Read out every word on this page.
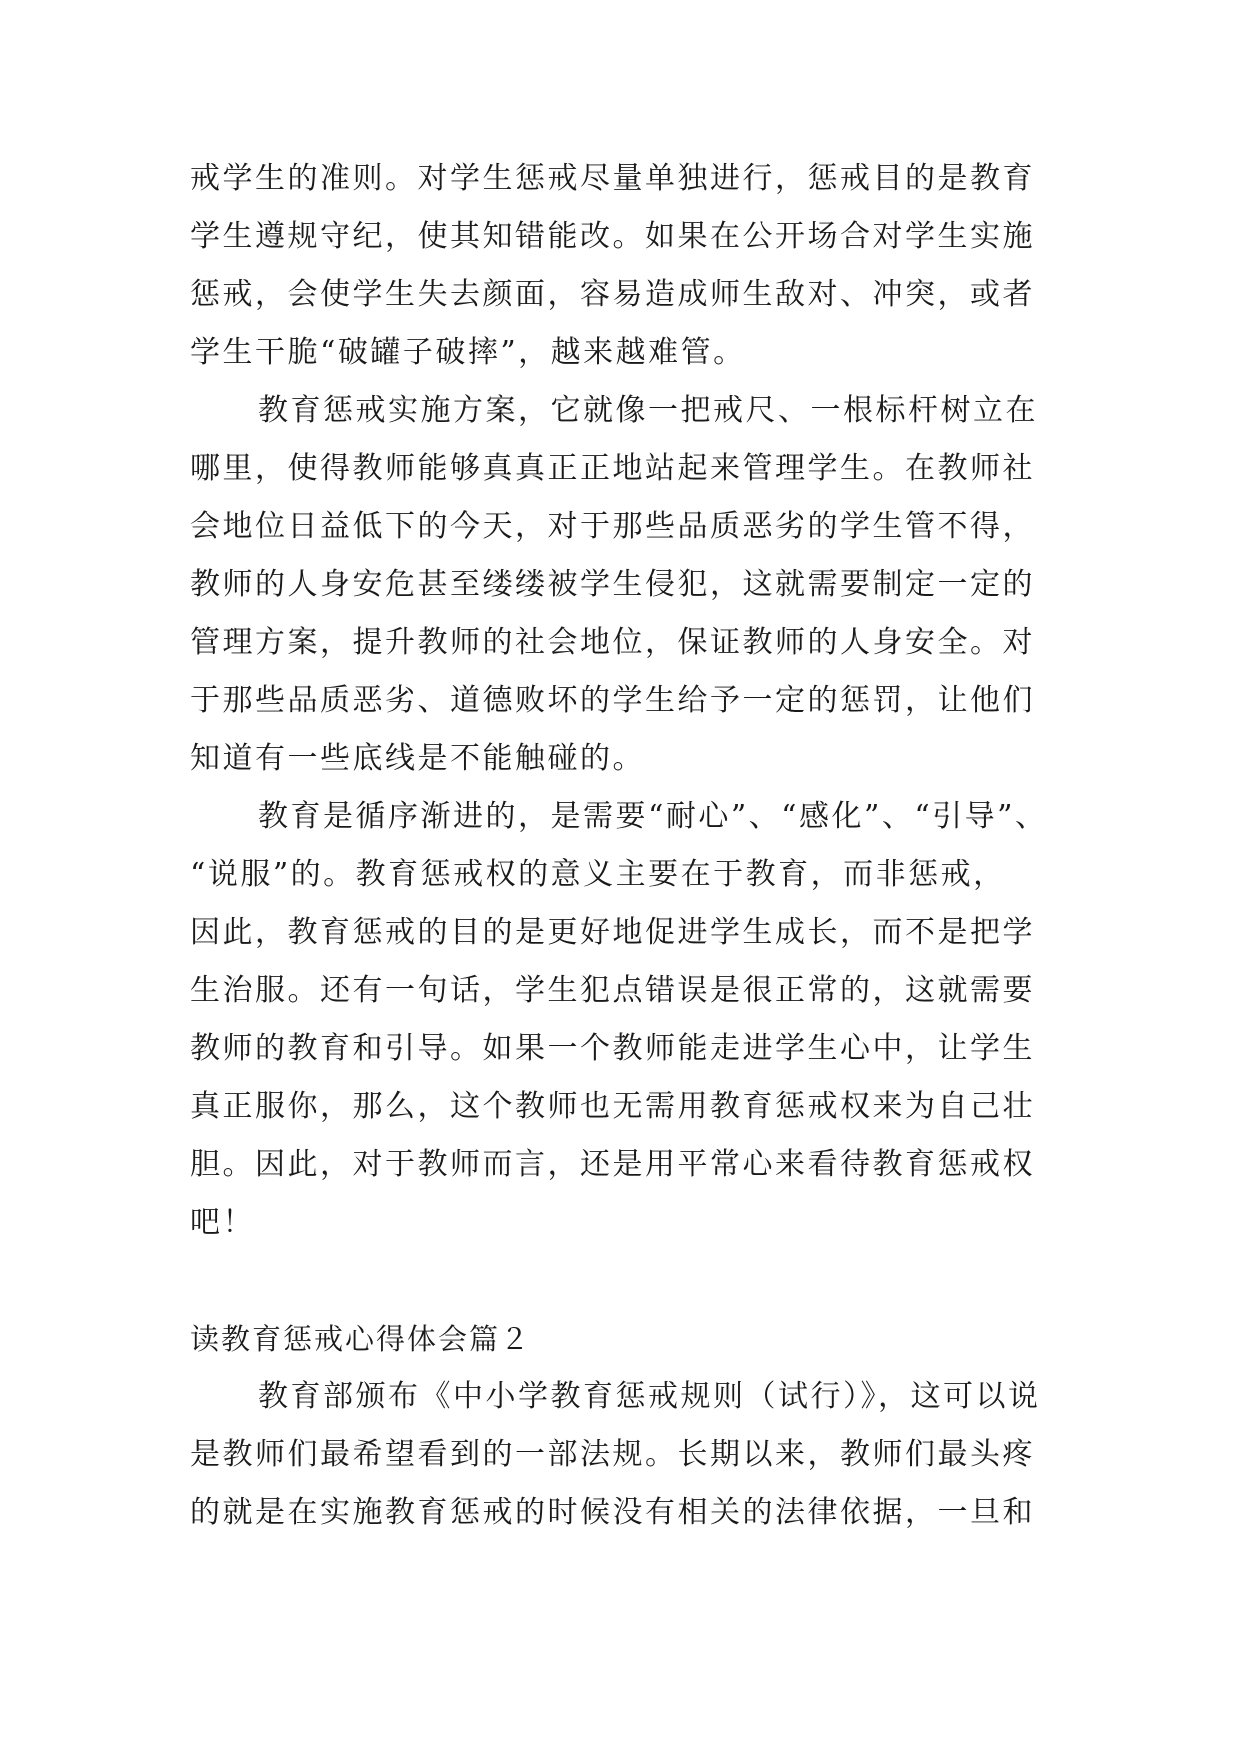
戒学生的准则。对学生惩戒尽量单独进行，惩戒目的是教育
学生遵规守纪，使其知错能改。如果在公开场合对学生实施
惩戒，会使学生失去颜面，容易造成师生敌对、冲突，或者
学生干脆“破罐子破摔”，越来越难管。
教育惩戒实施方案，它就像一把戒尺、一根标杆树立在
哪里，使得教师能够真真正正地站起来管理学生。在教师社
会地位日益低下的今天，对于那些品质恶劣的学生管不得，
教师的人身安危甚至缕缕被学生侵犯，这就需要制定一定的
管理方案，提升教师的社会地位，保证教师的人身安全。对
于那些品质恶劣、道德败坏的学生给予一定的惩罚，让他们
知道有一些底线是不能触碰的。
教育是循序渐进的，是需要“耐心”、“感化”、“引导”、
“说服”的。教育惩戒权的意义主要在于教育，而非惩戒，
因此，教育惩戒的目的是更好地促进学生成长，而不是把学
生治服。还有一句话，学生犯点错误是很正常的，这就需要
教师的教育和引导。如果一个教师能走进学生心中，让学生
真正服你，那么，这个教师也无需用教育惩戒权来为自己壮
胆。因此，对于教师而言，还是用平常心来看待教育惩戒权
吧！
读教育惩戒心得体会篇２
教育部颁布《中小学教育惩戒规则（试行）》，这可以说
是教师们最希望看到的一部法规。长期以来，教师们最头疼
的就是在实施教育惩戒的时候没有相关的法律依据，一旦和
